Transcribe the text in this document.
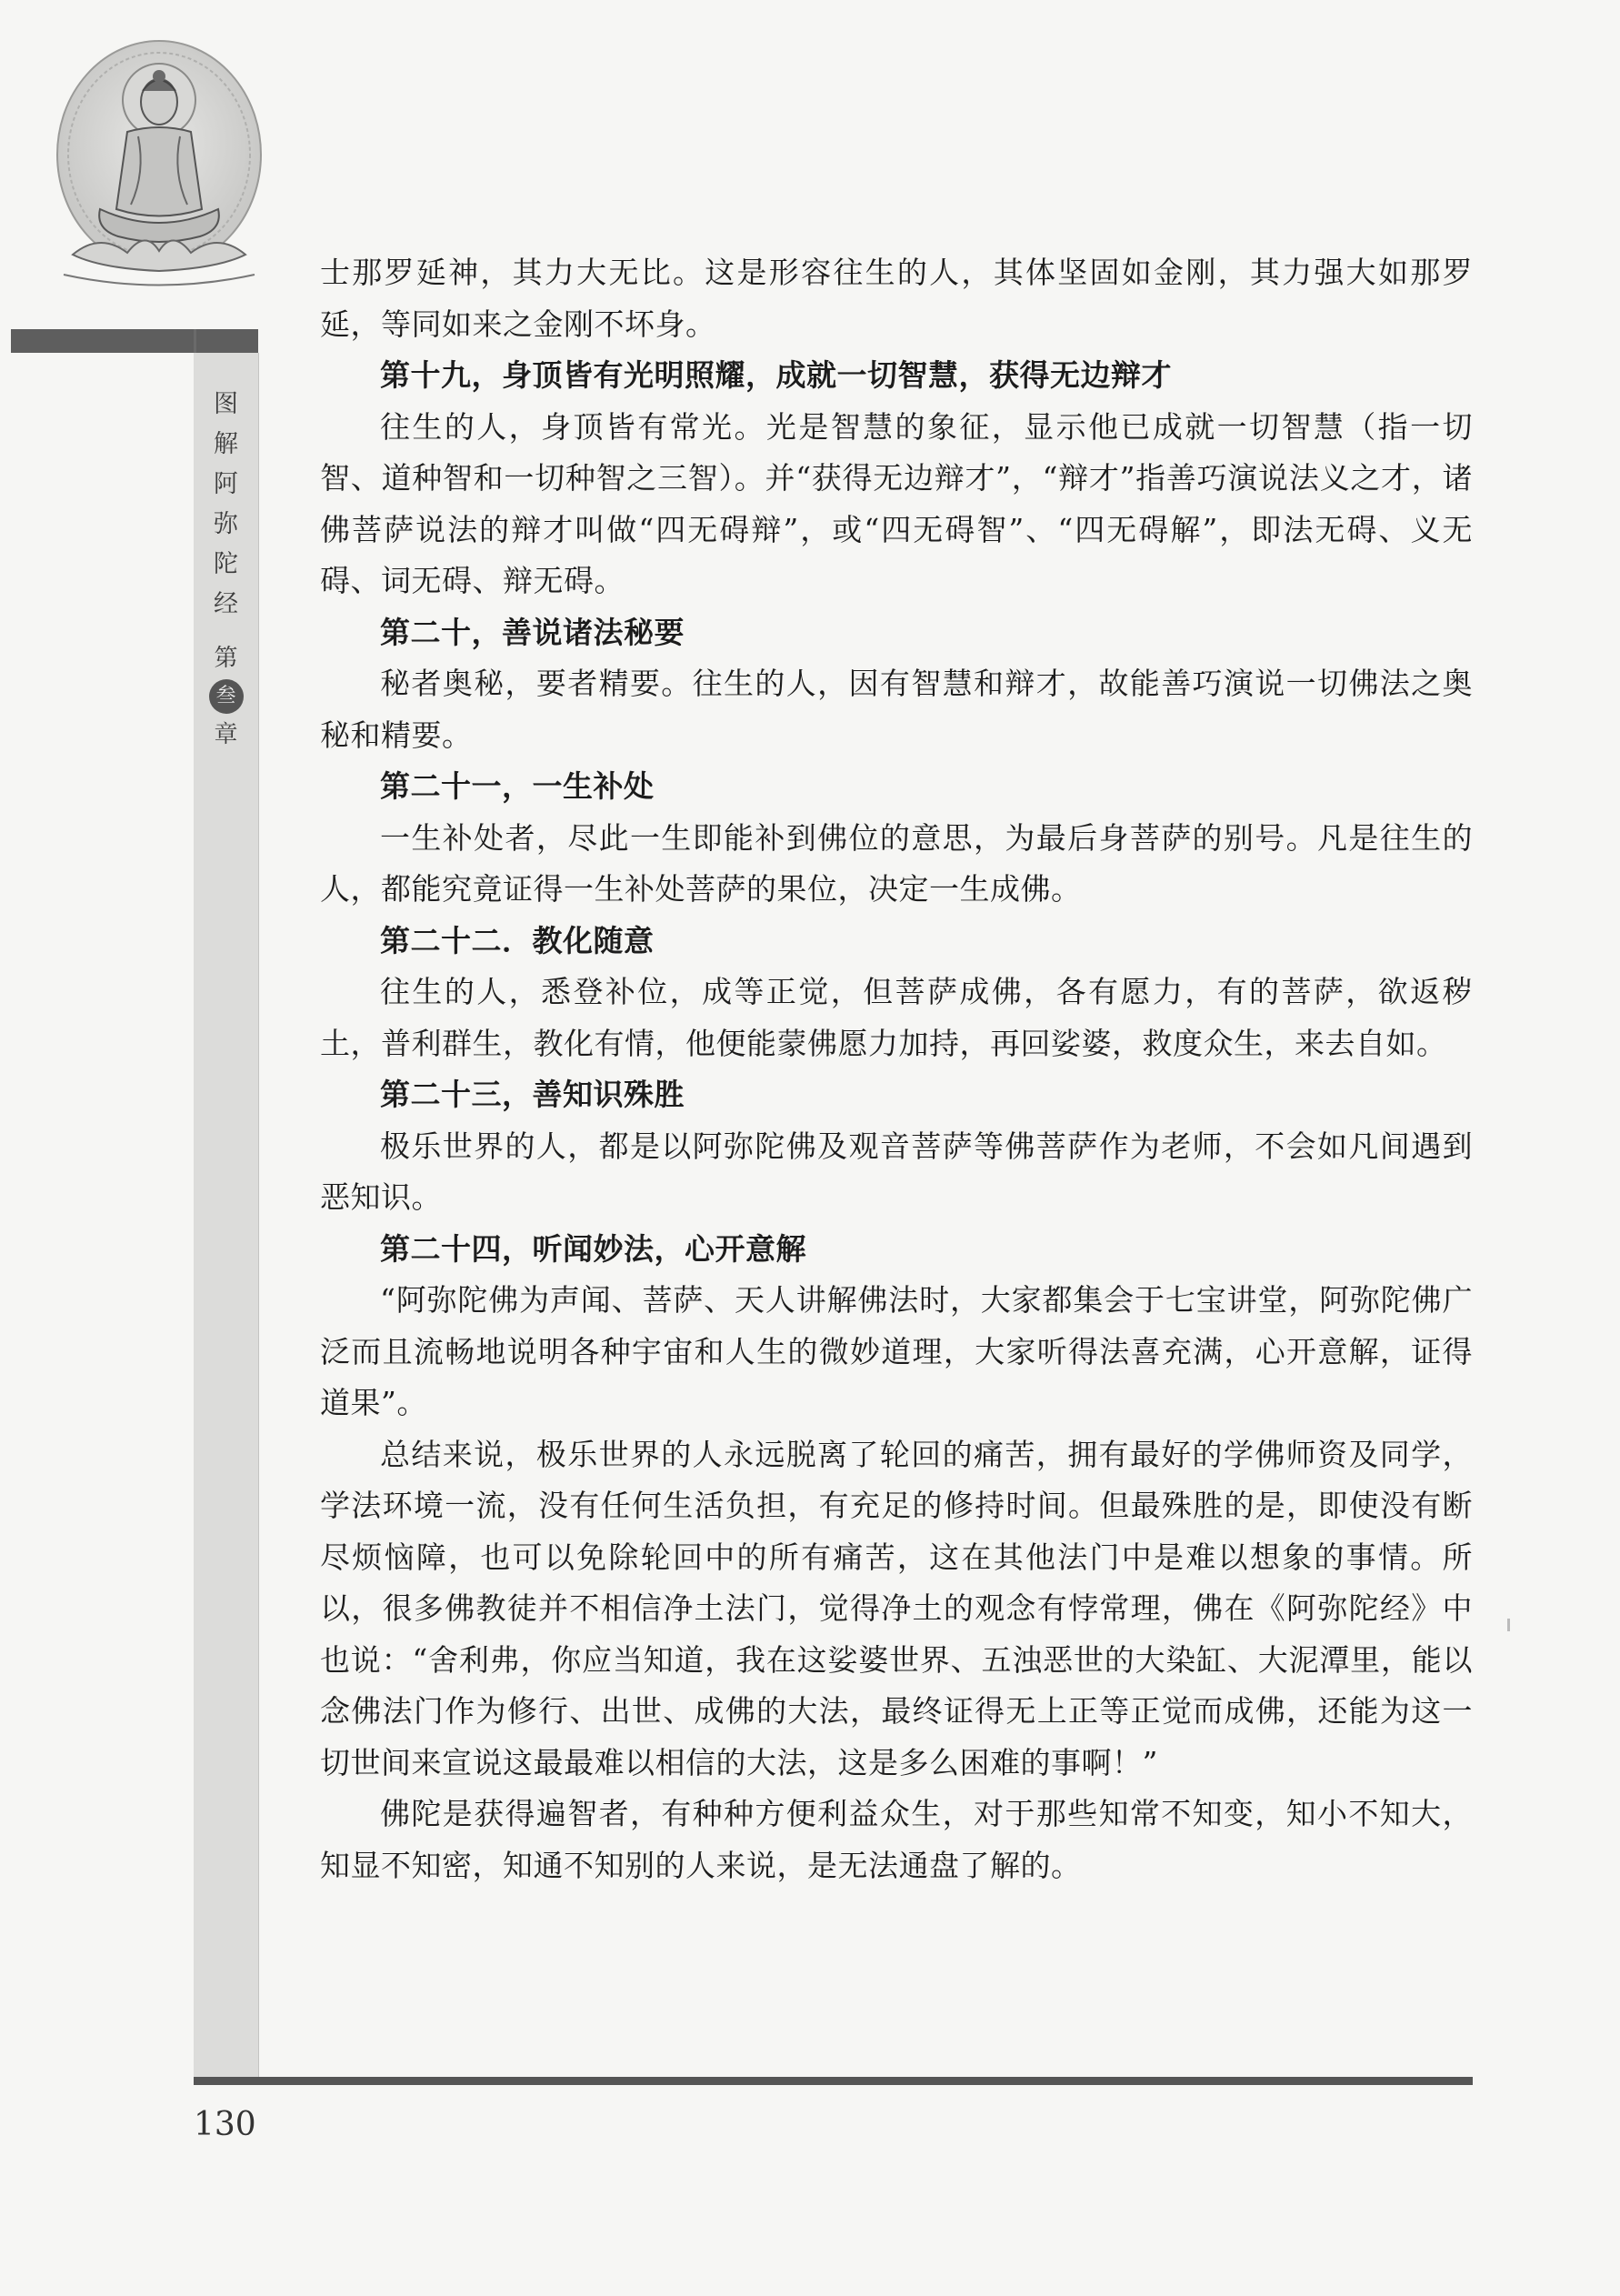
图
解
阿
弥
陀
经
第
叁
章

士那罗延神，其力大无比。这是形容往生的人，其体坚固如金刚，其力强大如那罗延，等同如来之金刚不坏身。

第十九，身顶皆有光明照耀，成就一切智慧，获得无边辩才

往生的人，身顶皆有常光。光是智慧的象征，显示他已成就一切智慧（指一切智、道种智和一切种智之三智）。并“获得无边辩才”，“辩才”指善巧演说法义之才，诸佛菩萨说法的辩才叫做“四无碍辩”，或“四无碍智”、“四无碍解”，即法无碍、义无碍、词无碍、辩无碍。

第二十，善说诸法秘要

秘者奥秘，要者精要。往生的人，因有智慧和辩才，故能善巧演说一切佛法之奥秘和精要。

第二十一，一生补处

一生补处者，尽此一生即能补到佛位的意思，为最后身菩萨的别号。凡是往生的人，都能究竟证得一生补处菩萨的果位，决定一生成佛。

第二十二．教化随意

往生的人，悉登补位，成等正觉，但菩萨成佛，各有愿力，有的菩萨，欲返秽土，普利群生，教化有情，他便能蒙佛愿力加持，再回娑婆，救度众生，来去自如。

第二十三，善知识殊胜

极乐世界的人，都是以阿弥陀佛及观音菩萨等佛菩萨作为老师，不会如凡间遇到恶知识。

第二十四，听闻妙法，心开意解

“阿弥陀佛为声闻、菩萨、天人讲解佛法时，大家都集会于七宝讲堂，阿弥陀佛广泛而且流畅地说明各种宇宙和人生的微妙道理，大家听得法喜充满，心开意解，证得道果”。

总结来说，极乐世界的人永远脱离了轮回的痛苦，拥有最好的学佛师资及同学，学法环境一流，没有任何生活负担，有充足的修持时间。但最殊胜的是，即使没有断尽烦恼障，也可以免除轮回中的所有痛苦，这在其他法门中是难以想象的事情。所以，很多佛教徒并不相信净土法门，觉得净土的观念有悖常理，佛在《阿弥陀经》中也说：“舍利弗，你应当知道，我在这娑婆世界、五浊恶世的大染缸、大泥潭里，能以念佛法门作为修行、出世、成佛的大法，最终证得无上正等正觉而成佛，还能为这一切世间来宣说这最最难以相信的大法，这是多么困难的事啊！”

佛陀是获得遍智者，有种种方便利益众生，对于那些知常不知变，知小不知大，知显不知密，知通不知别的人来说，是无法通盘了解的。

130
